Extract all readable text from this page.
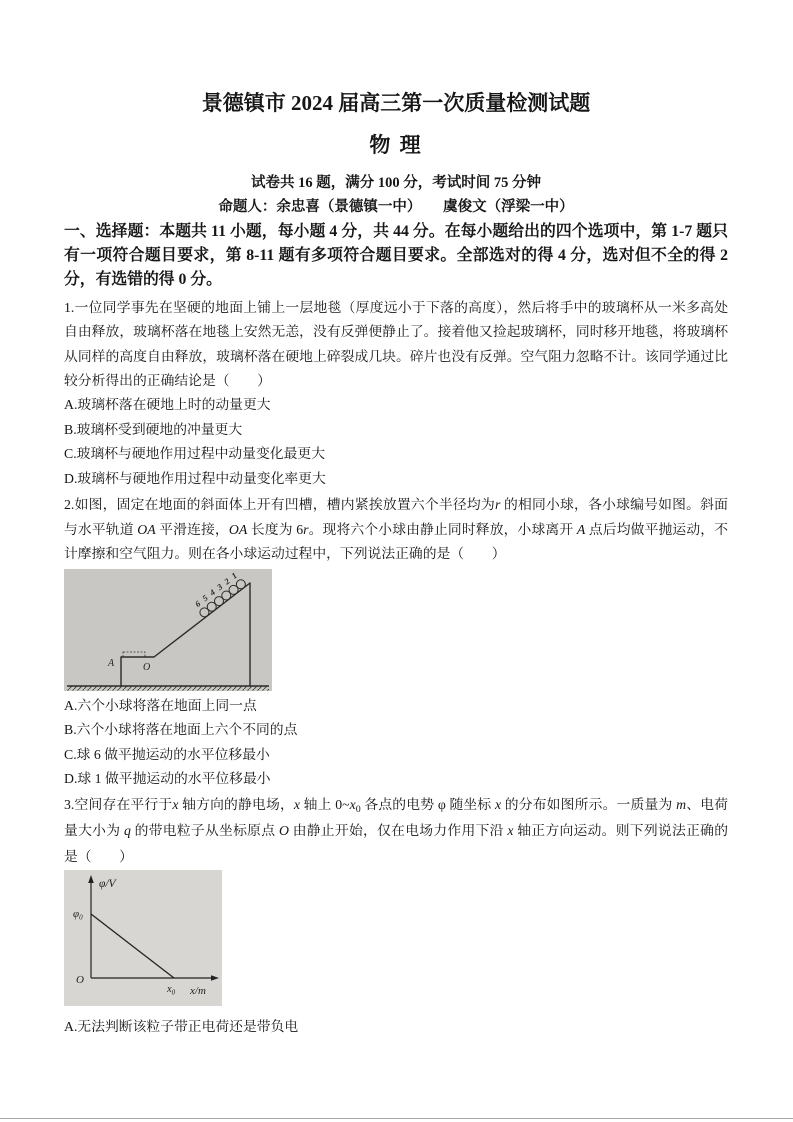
景德镇市 2024 届高三第一次质量检测试题
物 理
试卷共 16 题，满分 100 分，考试时间 75 分钟
命题人：余忠喜（景德镇一中）　　虞俊文（浮梁一中）
一、选择题：本题共 11 小题，每小题 4 分，共 44 分。在每小题给出的四个选项中，第 1-7 题只有一项符合题目要求，第 8-11 题有多项符合题目要求。全部选对的得 4 分，选对但不全的得 2 分，有选错的得 0 分。
1.一位同学事先在坚硬的地面上铺上一层地毯（厚度远小于下落的高度），然后将手中的玻璃杯从一米多高处自由释放，玻璃杯落在地毯上安然无恙，没有反弹便静止了。接着他又捡起玻璃杯，同时移开地毯，将玻璃杯从同样的高度自由释放，玻璃杯落在硬地上碎裂成几块。碎片也没有反弹。空气阻力忽略不计。该同学通过比较分析得出的正确结论是（　　）
A.玻璃杯落在硬地上时的动量更大
B.玻璃杯受到硬地的冲量更大
C.玻璃杯与硬地作用过程中动量变化最更大
D.玻璃杯与硬地作用过程中动量变化率更大
2.如图，固定在地面的斜面体上开有凹槽，槽内紧挨放置六个半径均为r 的相同小球，各小球编号如图。斜面与水平轨道 OA 平滑连接，OA 长度为 6r。现将六个小球由静止同时释放，小球离开 A 点后均做平抛运动，不计摩擦和空气阻力。则在各小球运动过程中，下列说法正确的是（　　）
1
2
3
4
5
6
A	O
A.六个小球将落在地面上同一点
B.六个小球将落在地面上六个不同的点
C.球 6 做平抛运动的水平位移最小
D.球 1 做平抛运动的水平位移最小
3.空间存在平行于x 轴方向的静电场，x 轴上 $0\sim x_0$ 各点的电势 φ 随坐标 x 的分布如图所示。一质量为 m、电荷量大小为 q 的带电粒子从坐标原点 O 由静止开始，仅在电场力作用下沿 x 轴正方向运动。则下列说法正确的是（　　）
φ/V
$\varphi_0$
O
$x_0$ x/m
A.无法判断该粒子带正电荷还是带负电
